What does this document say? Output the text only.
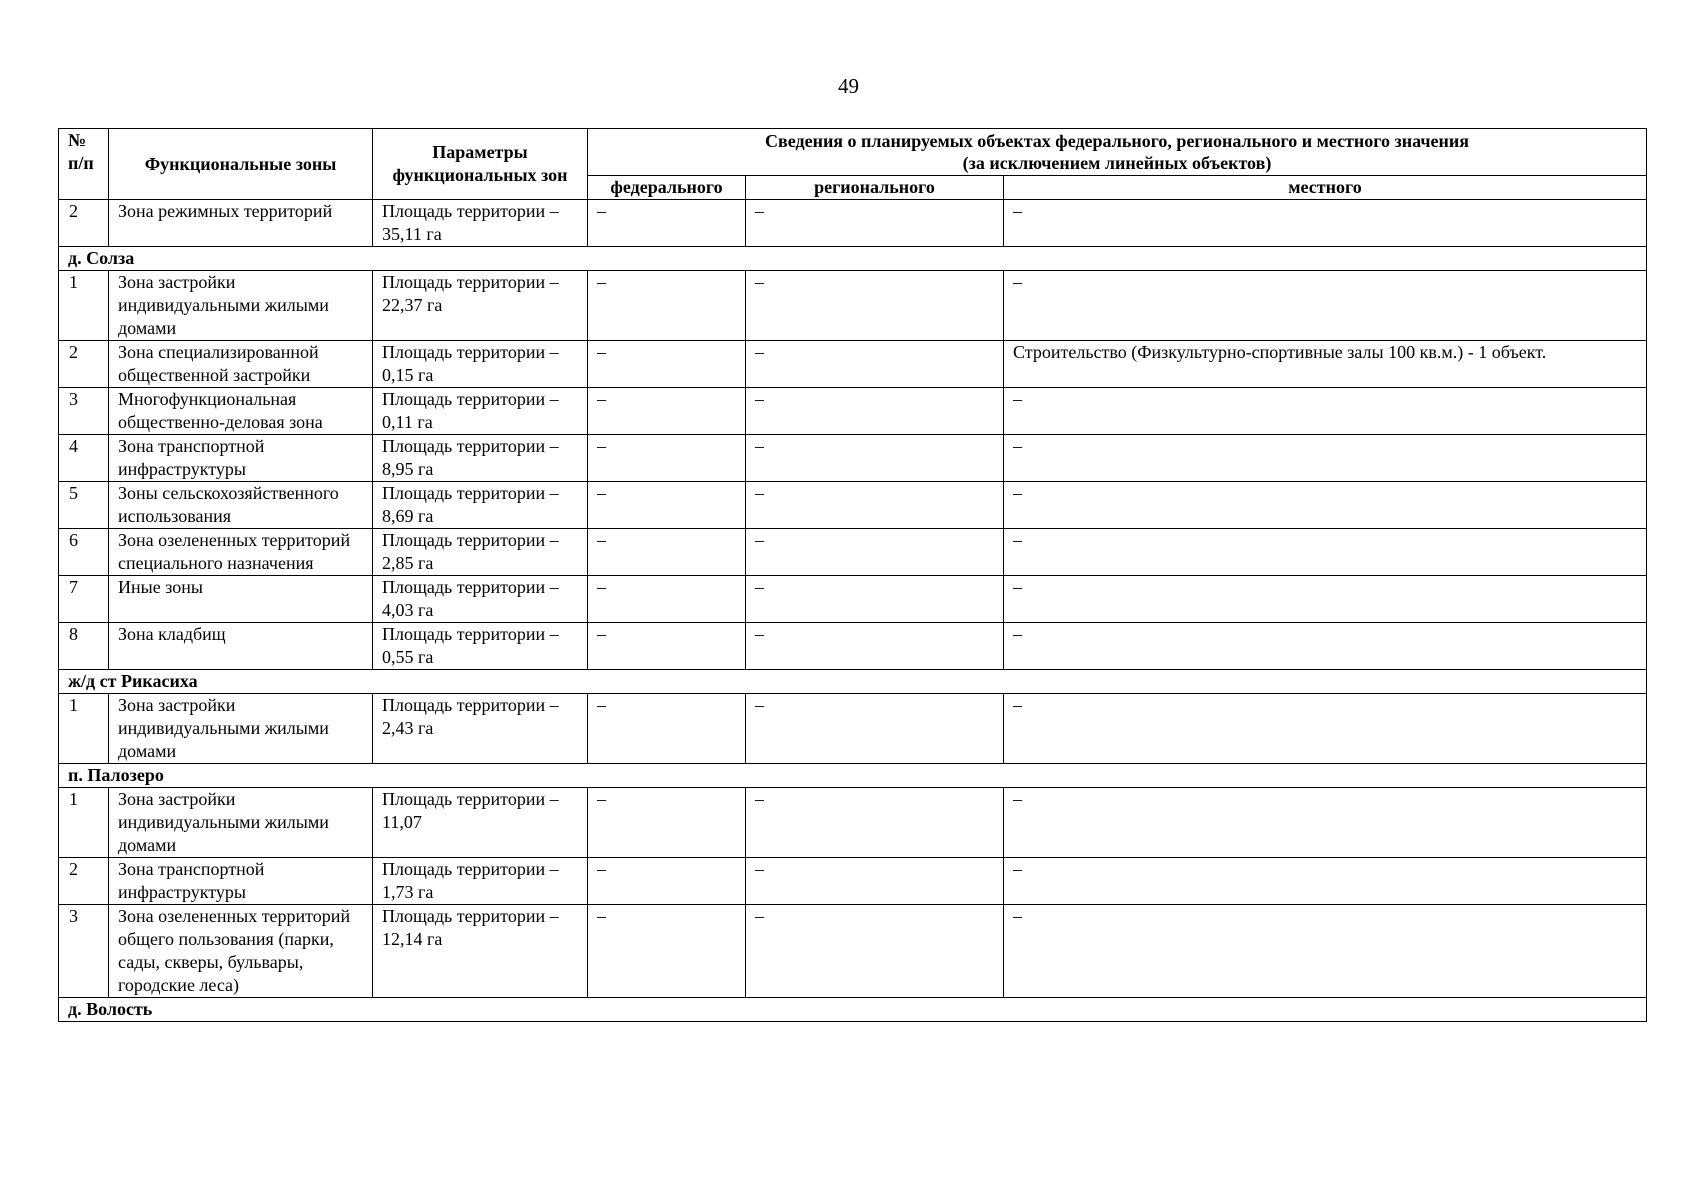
49
№ п/п	Функциональные зоны	Параметры функциональных зон	Сведения о планируемых объектах федерального, регионального и местного значения
(за исключением линейных объектов)		

			федерального	регионального	местного
2	Зона режимных территорий	Площадь территории – 35,11 га	–	–	–
д. Солза					
1	Зона застройки индивидуальными жилыми домами	Площадь территории – 22,37 га	–	–	–
2	Зона специализированной общественной застройки	Площадь территории – 0,15 га	–	–	Строительство (Физкультурно-спортивные залы 100 кв.м.) - 1 объект.
3	Многофункциональная общественно-деловая зона	Площадь территории – 0,11 га	–	–	–
4	Зона транспортной инфраструктуры	Площадь территории – 8,95 га	–	–	–
5	Зоны сельскохозяйственного использования	Площадь территории – 8,69 га	–	–	–
6	Зона озелененных территорий специального назначения	Площадь территории – 2,85 га	–	–	–
7	Иные зоны	Площадь территории – 4,03 га	–	–	–
8	Зона кладбищ	Площадь территории – 0,55 га	–	–	–
ж/д ст Рикасиха					
1	Зона застройки индивидуальными жилыми домами	Площадь территории – 2,43 га	–	–	–
п. Палозеро					
1	Зона застройки индивидуальными жилыми домами	Площадь территории – 11,07	–	–	–
2	Зона транспортной инфраструктуры	Площадь территории – 1,73 га	–	–	–
3	Зона озелененных территорий общего пользования (парки, сады, скверы, бульвары, городские леса)	Площадь территории – 12,14 га	–	–	–
д. Волость					
